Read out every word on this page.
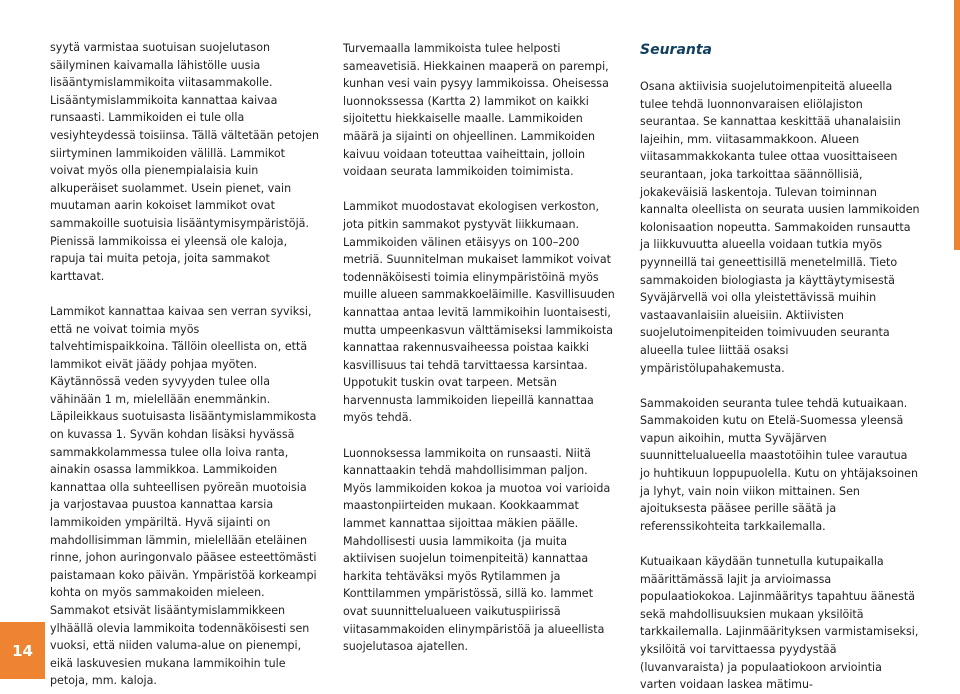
syytä varmistaa suotuisan suojelutason säilyminen kaivamalla lähistölle uusia lisääntymislammikoita viitasammakolle. Lisääntymislammikoita kannattaa kaivaa runsaasti. Lammikoiden ei tule olla vesiyhteydessä toisiinsa. Tällä vältetään petojen siirtyminen lammikoiden välillä. Lammikot voivat myös olla pienempialaisia kuin alkuperäiset suolammet. Usein pienet, vain muutaman aarin kokoiset lammikot ovat sammakoille suotuisia lisääntymisympäristöjä. Pienissä lammikoissa ei yleensä ole kaloja, rapuja tai muita petoja, joita sammakot karttavat.

Lammikot kannattaa kaivaa sen verran syviksi, että ne voivat toimia myös talvehtimispaikkoina. Tällöin oleellista on, että lammikot eivät jäädy pohjaa myöten. Käytännössä veden syvyyden tulee olla vähinään 1 m, mielellään enemmänkin. Läpileikkaus suotuisasta lisääntymislammikosta on kuvassa 1. Syvän kohdan lisäksi hyvässä sammakkolammessa tulee olla loiva ranta, ainakin osassa lammikkoa. Lammikoiden kannattaa olla suhteellisen pyöreän muotoisia ja varjostavaa puustoa kannattaa karsia lammikoiden ympäriltä. Hyvä sijainti on mahdollisimman lämmin, mielellään eteläinen rinne, johon auringonvalo pääsee esteettömästi paistamaan koko päivän. Ympäristöä korkeampi kohta on myös sammakoiden mieleen. Sammakot etsivät lisääntymislammikkeen ylhäällä olevia lammikoita todennäköisesti sen vuoksi, että niiden valuma-alue on pienempi, eikä laskuvesien mukana lammikoihin tule petoja, mm. kaloja.

Turvemaalla lammikoista tulee helposti sameavetisiä. Hiekkainen maaperä on parempi, kunhan vesi vain pysyy lammikoissa. Oheisessa luonnokssessa (Kartta 2) lammikot on kaikki sijoitettu hiekkaiselle maalle. Lammikoiden määrä ja sijainti on ohjeellinen. Lammikoiden kaivuu voidaan toteuttaa vaiheittain, jolloin voidaan seurata lammikoiden toimimista.

Lammikot muodostavat ekologisen verkoston, jota pitkin sammakot pystyvät liikkumaan. Lammikoiden välinen etäisyys on 100–200 metriä. Suunnitelman mukaiset lammikot voivat todennäköisesti toimia elinympäristöinä myös muille alueen sammakkoeläimille. Kasvillisuuden kannattaa antaa levitä lammikoihin luontaisesti, mutta umpeenkasvun välttämiseksi lammikoista kannattaa rakennusvaiheessa poistaa kaikki kasvillisuus tai tehdä tarvittaessa karsintaa. Uppotukit tuskin ovat tarpeen. Metsän harvennusta lammikoiden liepeillä kannattaa myös tehdä.

Luonnoksessa lammikoita on runsaasti. Niitä kannattaakin tehdä mahdollisimman paljon. Myös lammikoiden kokoa ja muotoa voi varioida maastonpiirteiden mukaan. Kookkaammat lammet kannattaa sijoittaa mäkien päälle. Mahdollisesti uusia lammikoita (ja muita aktiivisen suojelun toimenpiteitä) kannattaa harkita tehtäväksi myös Rytilammen ja Konttilammen ympäristössä, sillä ko. lammet ovat suunnittelualueen vaikutuspiirissä viitasammakoiden elinympäristöä ja alueellista suojelutasoa ajatellen.

Seuranta

Osana aktiivisia suojelutoimenpiteitä alueella tulee tehdä luonnonvaraisen eliölajiston seurantaa. Se kannattaa keskittää uhanalaisiin lajeihin, mm. viitasammakkoon. Alueen viitasammakkokanta tulee ottaa vuosittaiseen seurantaan, joka tarkoittaa säännöllisiä, jokakeväisiä laskentoja. Tulevan toiminnan kannalta oleellista on seurata uusien lammikoiden kolonisaation nopeutta. Sammakoiden runsautta ja liikkuvuutta alueella voidaan tutkia myös pyynneillä tai geneettisillä menetelmillä. Tieto sammakoiden biologiasta ja käyttäytymisestä Syväjärvellä voi olla yleistettävissä muihin vastaavanlaisiin alueisiin. Aktiivisten suojelutoimenpiteiden toimivuuden seuranta alueella tulee liittää osaksi ympäristölupahakemusta.

Sammakoiden seuranta tulee tehdä kutuaikaan. Sammakoiden kutu on Etelä-Suomessa yleensä vapun aikoihin, mutta Syväjärven suunnittelualueella maastotöihin tulee varautua jo huhtikuun loppupuolella. Kutu on yhtäjaksoinen ja lyhyt, vain noin viikon mittainen. Sen ajoituksesta pääsee perille säätä ja referenssikohteita tarkkailemalla.

Kutuaikaan käydään tunnetulla kutupaikalla määrittämässä lajit ja arvioimassa populaatiokokoa. Lajinmääritys tapahtuu äänestä sekä mahdollisuuksien mukaan yksilöitä tarkkailemalla. Lajinmäärityksen varmistamiseksi, yksilöitä voi tarvittaessa pyydystää (luvanvaraista) ja populaatiokoon arviointia varten voidaan laskea mätimu-

14
